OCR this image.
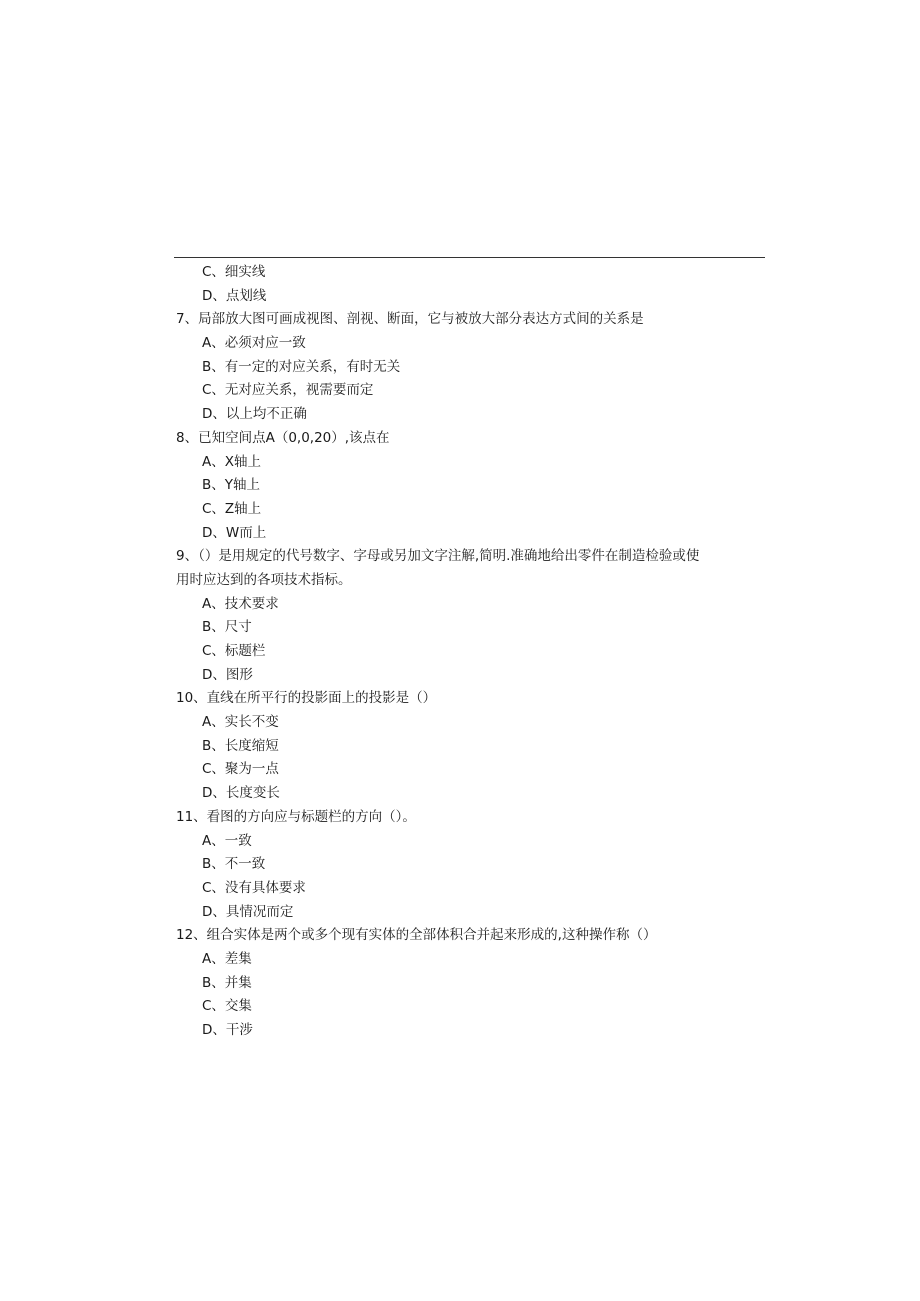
C、细实线
D、点划线
7、局部放大图可画成视图、剖视、断面，它与被放大部分表达方式间的关系是
A、必须对应一致
B、有一定的对应关系，有时无关
C、无对应关系，视需要而定
D、以上均不正确
8、已知空间点A（0,0,20）,该点在
A、X轴上
B、Y轴上
C、Z轴上
D、W而上
9、（）是用规定的代号数字、字母或另加文字注解,简明.准确地给出零件在制造检验或使
用时应达到的各项技术指标。
A、技术要求
B、尺寸
C、标题栏
D、图形
10、直线在所平行的投影面上的投影是（）
A、实长不变
B、长度缩短
C、聚为一点
D、长度变长
11、看图的方向应与标题栏的方向（）。
A、一致
B、不一致
C、没有具体要求
D、具情况而定
12、组合实体是两个或多个现有实体的全部体积合并起来形成的,这种操作称（）
A、差集
B、并集
C、交集
D、干涉
